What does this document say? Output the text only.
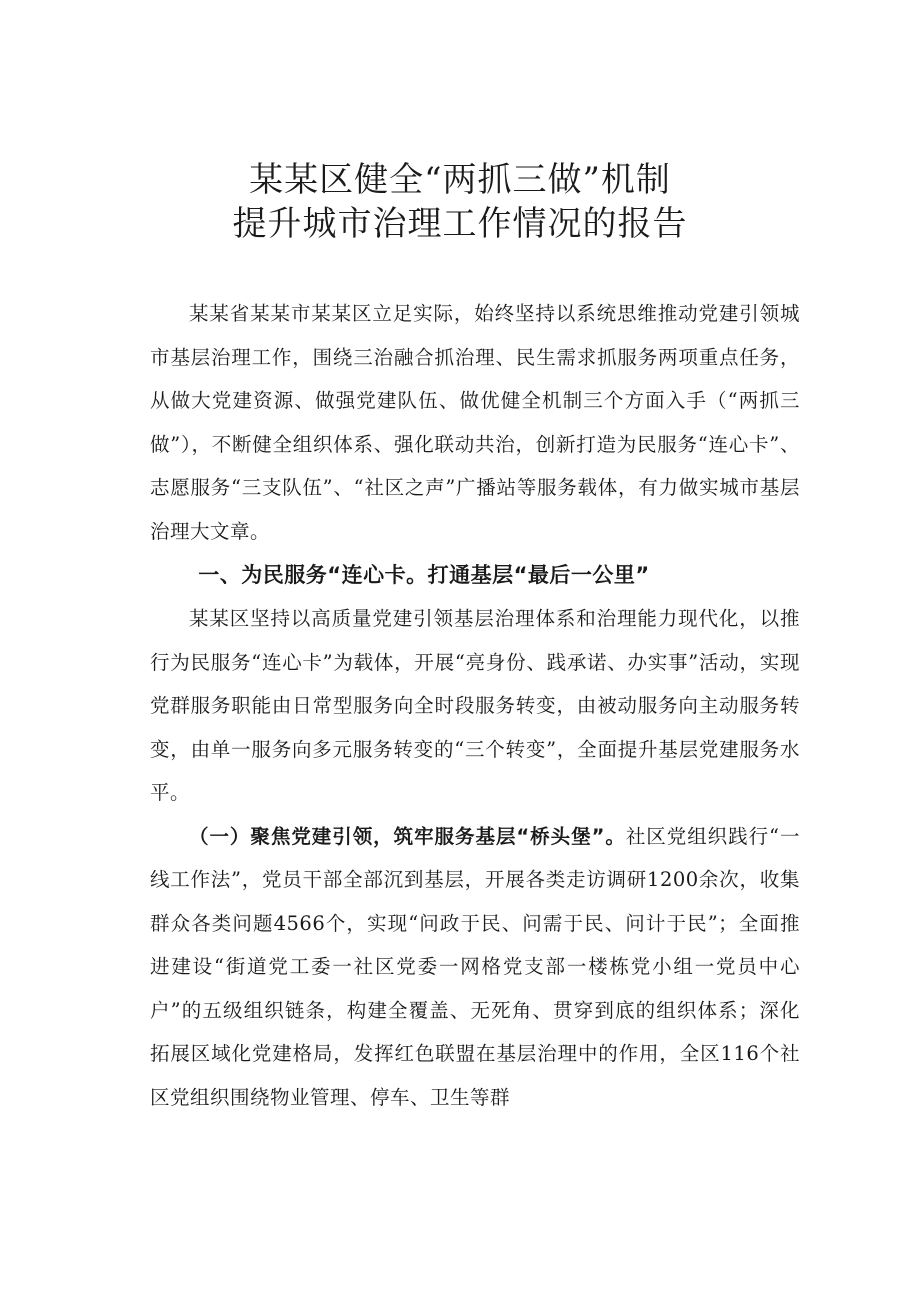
某某区健全“两抓三做”机制
提升城市治理工作情况的报告

某某省某某市某某区立足实际，始终坚持以系统思维推动党建引领城市基层治理工作，围绕三治融合抓治理、民生需求抓服务两项重点任务，从做大党建资源、做强党建队伍、做优健全机制三个方面入手（“两抓三做”），不断健全组织体系、强化联动共治，创新打造为民服务“连心卡”、志愿服务“三支队伍”、“社区之声”广播站等服务载体，有力做实城市基层治理大文章。

一、为民服务“连心卡。打通基层“最后一公里”

某某区坚持以高质量党建引领基层治理体系和治理能力现代化，以推行为民服务“连心卡”为载体，开展“亮身份、践承诺、办实事”活动，实现党群服务职能由日常型服务向全时段服务转变，由被动服务向主动服务转变，由单一服务向多元服务转变的“三个转变”，全面提升基层党建服务水平。

（一）聚焦党建引领，筑牢服务基层“桥头堡”。社区党组织践行“一线工作法”，党员干部全部沉到基层，开展各类走访调研1200余次，收集群众各类问题4566个，实现“问政于民、问需于民、问计于民”；全面推进建设“街道党工委一社区党委一网格党支部一楼栋党小组一党员中心户”的五级组织链条，构建全覆盖、无死角、贯穿到底的组织体系；深化拓展区域化党建格局，发挥红色联盟在基层治理中的作用，全区116个社区党组织围绕物业管理、停车、卫生等群
